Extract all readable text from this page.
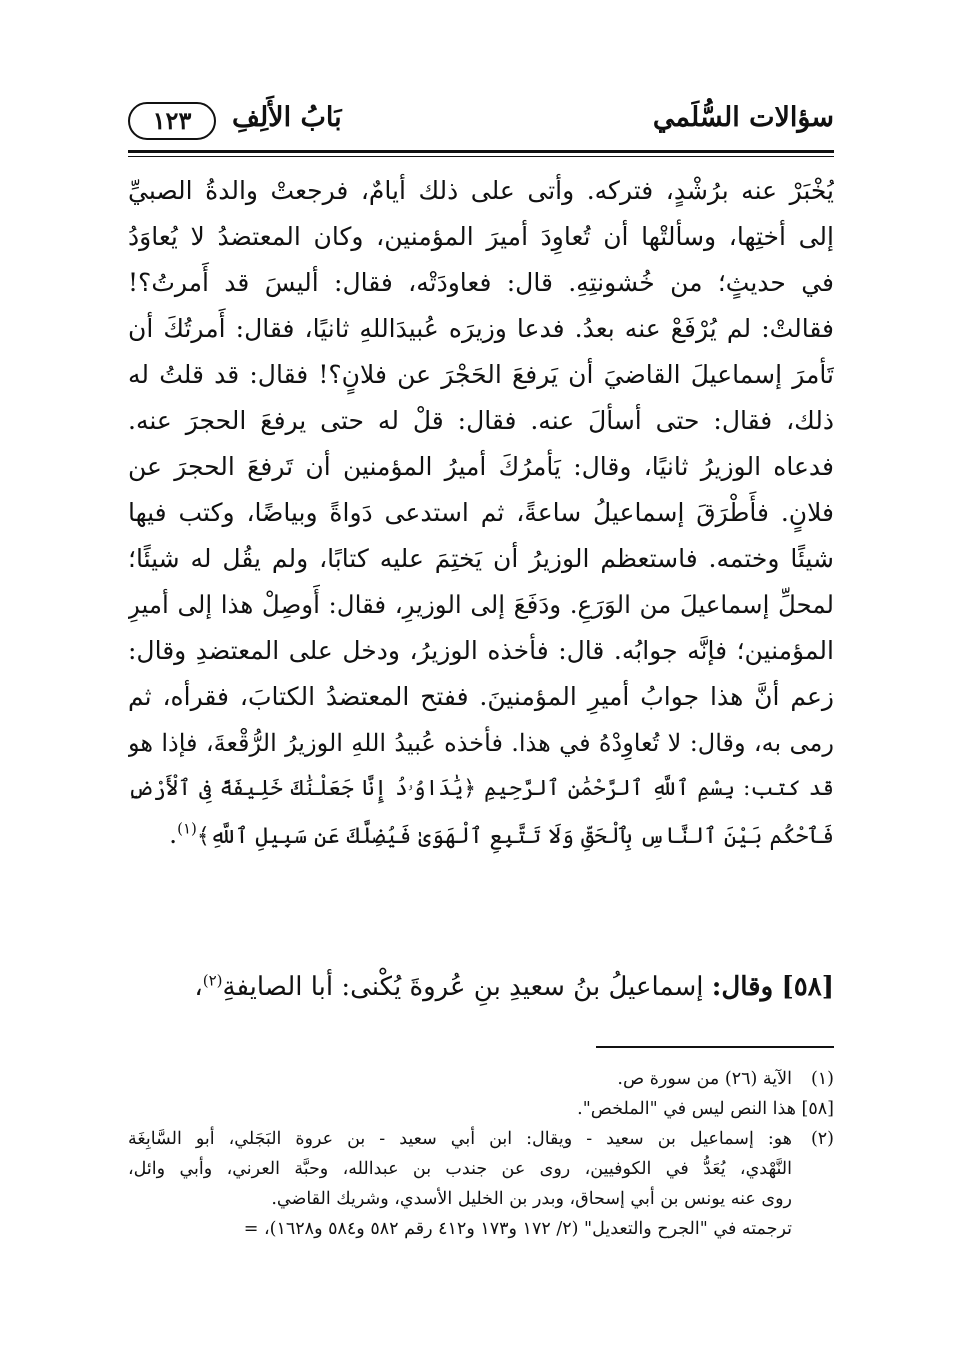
سؤالات السُّلَمي
بَابُ الأَلِفِ
١٢٣
يُخْبَرْ عنه برُشْدٍ، فتركه. وأتى على ذلك أيامٌ، فرجعتْ والدةُ الصبيِّ
إلى أختِها، وسألتْها أن تُعاوِدَ أميرَ المؤمنين، وكان المعتضدُ لا يُعاوَدُ
في حديثٍ؛ من خُشونتِهِ. قال: فعاودَتْه، فقال: أليسَ قد أَمرتُ؟!
فقالتْ: لم يُرْفَعْ عنه بعدُ. فدعا وزيرَه عُبيدَاللهِ ثانيًا، فقال: أَمرتُكَ أن
تَأمرَ إسماعيلَ القاضيَ أن يَرفعَ الحَجْرَ عن فلانٍ؟! فقال: قد قلتُ له
ذلك، فقال: حتى أسألَ عنه. فقال: قلْ له حتى يرفعَ الحجرَ عنه.
فدعاه الوزيرُ ثانيًا، وقال: يَأمرُكَ أميرُ المؤمنين أن تَرفعَ الحجرَ عن
فلانٍ. فأَطْرَقَ إسماعيلُ ساعةً، ثم استدعى دَواةً وبياضًا، وكتب فيها
شيئًا وختمه. فاستعظم الوزيرُ أن يَختِمَ عليه كتابًا، ولم يقُل له شيئًا؛
لمحلِّ إسماعيلَ من الوَرَعِ. ودَفَعَ إلى الوزيرِ، فقال: أَوصِلْ هذا إلى أميرِ
المؤمنين؛ فإنَّه جوابُه. قال: فأخذه الوزيرُ، ودخل على المعتضدِ وقال:
زعم أنَّ هذا جوابُ أميرِ المؤمنينَ. ففتح المعتضدُ الكتابَ، فقرأه، ثم
رمى به، وقال: لا تُعاوِدْهُ في هذا. فأخذه عُبيدُ اللهِ الوزيرُ الرُّقْعةَ، فإذا هو
قد كتب: بِسْمِ ٱللَّهِ ٱلرَّحْمَٰنِ ٱلرَّحِيمِ ﴿يَٰدَاوُۥدُ إِنَّا جَعَلْنَٰكَ خَلِيفَةً فِى ٱلْأَرْضِ
فَٱحْكُم بَيْنَ ٱلنَّاسِ بِٱلْحَقِّ وَلَا تَتَّبِعِ ٱلْهَوَىٰ فَيُضِلَّكَ عَن سَبِيلِ ٱللَّهِ﴾$^{(١)}$.
[٥٨] وقال: إسماعيلُ بنُ سعيدِ بنِ عُروةَ يُكْنى: أبا الصايفةِ$^{(٢)}$،
(١)الآية (٢٦) من سورة ص.
[٥٨] هذا النص ليس في "الملخص".
(٢)هو: إسماعيل بن سعيد - ويقال: ابن أبي سعيد - بن عروة البَجَلي، أبو السَّابِغَة
النَّهْدي، يُعَدُّ في الكوفيين، روى عن جندب بن عبدالله، وحبَّة العرني، وأبي وائل،
روى عنه يونس بن أبي إسحاق، وبدر بن الخليل الأسدي، وشريك القاضي.
ترجمته في "الجرح والتعديل" (٢/ ١٧٢ و١٧٣ و٤١٢ رقم ٥٨٢ و٥٨٤ و١٦٢٨)، =
